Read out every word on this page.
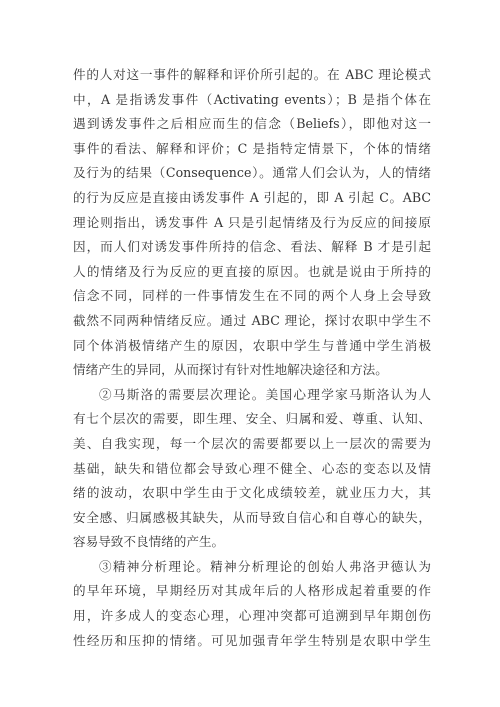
件的人对这一事件的解释和评价所引起的。在 ABC 理论模式
中，A 是指诱发事件（Activating events）；B 是指个体在
遇到诱发事件之后相应而生的信念（Beliefs），即他对这一
事件的看法、解释和评价；C 是指特定情景下，个体的情绪
及行为的结果（Consequence）。通常人们会认为，人的情绪
的行为反应是直接由诱发事件 A 引起的，即 A 引起 C。ABC
理论则指出，诱发事件 A 只是引起情绪及行为反应的间接原
因，而人们对诱发事件所持的信念、看法、解释 B 才是引起
人的情绪及行为反应的更直接的原因。也就是说由于所持的
信念不同，同样的一件事情发生在不同的两个人身上会导致
截然不同两种情绪反应。通过 ABC 理论，探讨农职中学生不
同个体消极情绪产生的原因，农职中学生与普通中学生消极
情绪产生的异同，从而探讨有针对性地解决途径和方法。
②马斯洛的需要层次理论。美国心理学家马斯洛认为人
有七个层次的需要，即生理、安全、归属和爱、尊重、认知、
美、自我实现，每一个层次的需要都要以上一层次的需要为
基础，缺失和错位都会导致心理不健全、心态的变态以及情
绪的波动，农职中学生由于文化成绩较差，就业压力大，其
安全感、归属感极其缺失，从而导致自信心和自尊心的缺失，
容易导致不良情绪的产生。
③精神分析理论。精神分析理论的创始人弗洛尹德认为
的早年环境，早期经历对其成年后的人格形成起着重要的作
用，许多成人的变态心理，心理冲突都可追溯到早年期创伤
性经历和压抑的情绪。可见加强青年学生特别是农职中学生
